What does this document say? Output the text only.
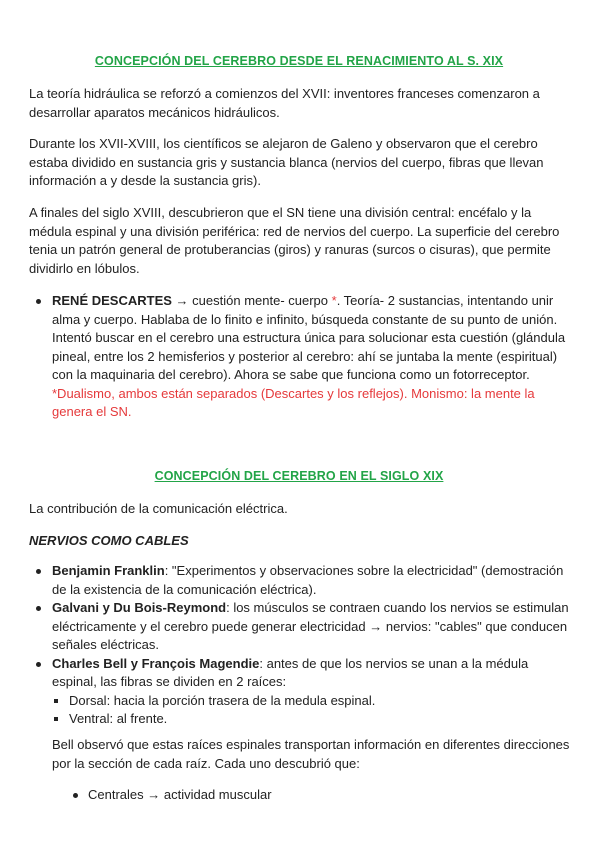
CONCEPCIÓN DEL CEREBRO DESDE EL RENACIMIENTO AL S. XIX

La teoría hidráulica se reforzó a comienzos del XVII: inventores franceses comenzaron a desarrollar aparatos mecánicos hidráulicos.

Durante los XVII-XVIII, los científicos se alejaron de Galeno y observaron que el cerebro estaba dividido en sustancia gris y sustancia blanca (nervios del cuerpo, fibras que llevan información a y desde la sustancia gris).

A finales del siglo XVIII, descubrieron que el SN tiene una división central: encéfalo y la médula espinal y una división periférica: red de nervios del cuerpo. La superficie del cerebro tenia un patrón general de protuberancias (giros) y ranuras (surcos o cisuras), que permite dividirlo en lóbulos.

RENÉ DESCARTES → cuestión mente- cuerpo *. Teoría- 2 sustancias, intentando unir alma y cuerpo. Hablaba de lo finito e infinito, búsqueda constante de su punto de unión. Intentó buscar en el cerebro una estructura única para solucionar esta cuestión (glándula pineal, entre los 2 hemisferios y posterior al cerebro: ahí se juntaba la mente (espiritual) con la maquinaria del cerebro). Ahora se sabe que funciona como un fotorreceptor.
*Dualismo, ambos están separados (Descartes y los reflejos). Monismo: la mente la genera el SN.
CONCEPCIÓN DEL CEREBRO EN EL SIGLO XIX

La contribución de la comunicación eléctrica.

NERVIOS COMO CABLES

Benjamin Franklin: "Experimentos y observaciones sobre la electricidad" (demostración de la existencia de la comunicación eléctrica).
Galvani y Du Bois-Reymond: los músculos se contraen cuando los nervios se estimulan eléctricamente y el cerebro puede generar electricidad → nervios: "cables" que conducen señales eléctricas.
Charles Bell y François Magendie: antes de que los nervios se unan a la médula espinal, las fibras se dividen en 2 raíces:
Dorsal: hacia la porción trasera de la medula espinal.
Ventral: al frente.

Bell observó que estas raíces espinales transportan información en diferentes direcciones por la sección de cada raíz. Cada uno descubrió que:

Centrales → actividad muscular
